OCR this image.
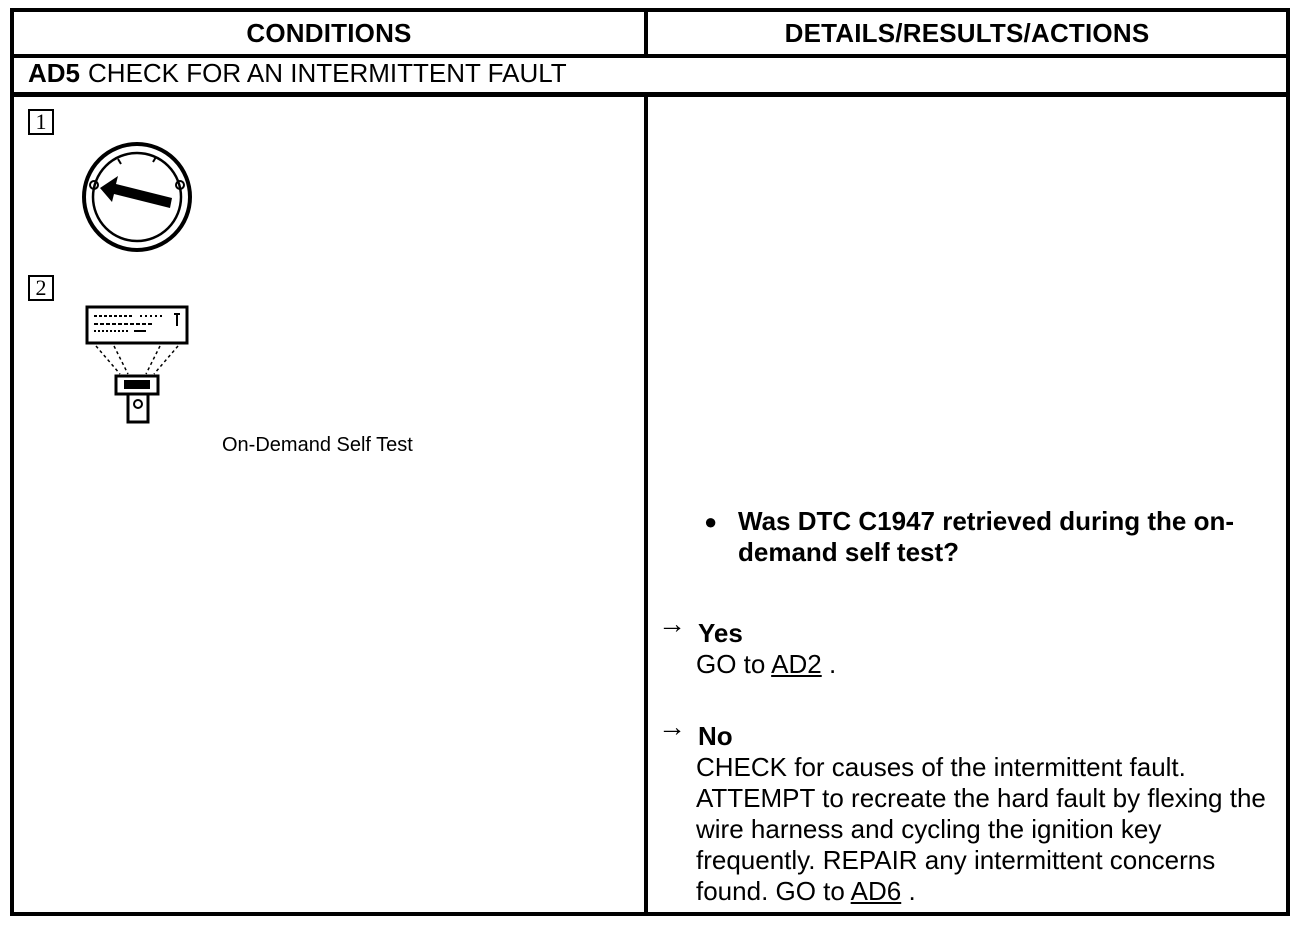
CONDITIONS	DETAILS/RESULTS/ACTIONS
AD5 CHECK FOR AN INTERMITTENT FAULT
1
2
On-Demand Self Test
● Was DTC C1947 retrieved during the on-demand self test?
→ Yes
GO to AD2 .
→ No
CHECK for causes of the intermittent fault. ATTEMPT to recreate the hard fault by flexing the wire harness and cycling the ignition key frequently. REPAIR any intermittent concerns found. GO to AD6 .
